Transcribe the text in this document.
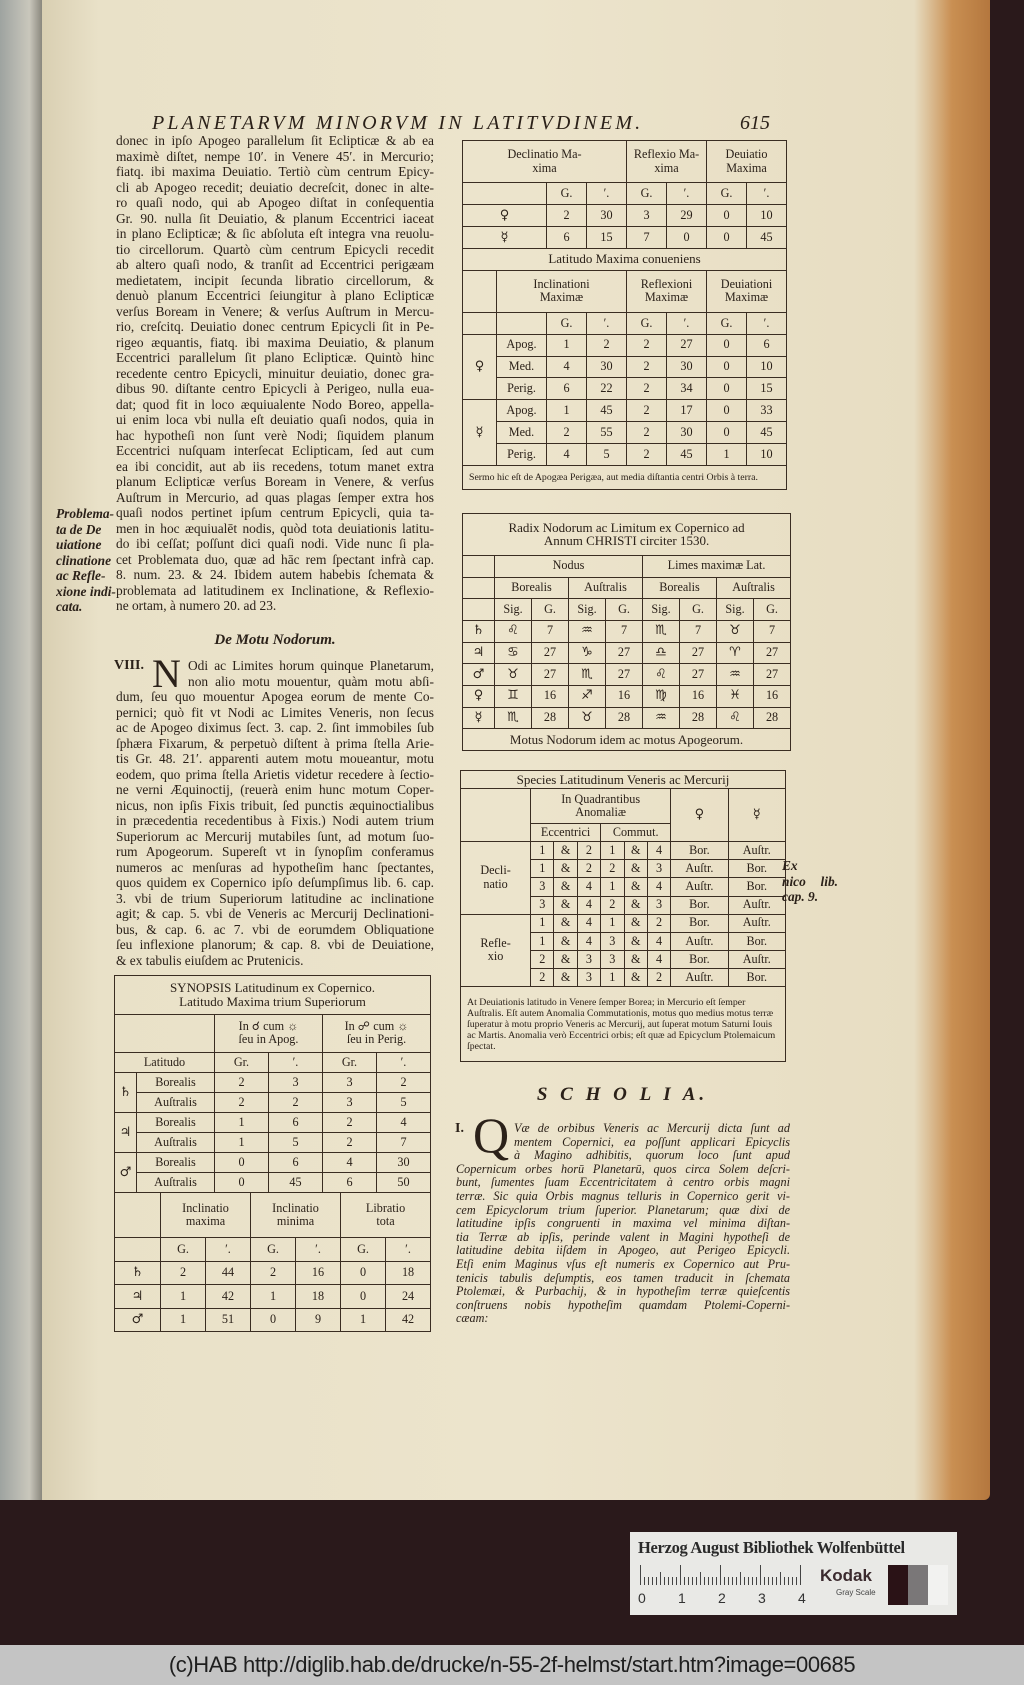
PLANETARVM MINORVM IN LATITVDINEM.	615
donec in ipſo Apogeo parallelum ſit Eclipticæ & ab ea
maximè diſtet, nempe 10′. in Venere 45′. in Mercurio;
fiatq. ibi maxima Deuiatio. Tertiò cùm centrum Epicy-
cli ab Apogeo recedit; deuiatio decreſcit, donec in alte-
ro quaſi nodo, qui ab Apogeo diſtat in conſequentia
Gr. 90. nulla ſit Deuiatio, & planum Eccentrici iaceat
in plano Eclipticæ; & ſic abſoluta eſt integra vna reuolu-
tio circellorum. Quartò cùm centrum Epicycli recedit
ab altero quaſi nodo, & tranſit ad Eccentrici perigæam
medietatem, incipit ſecunda libratio circellorum, &
denuò planum Eccentrici ſeiungitur à plano Eclipticæ
verſus Boream in Venere; & verſus Auſtrum in Mercu-
rio, creſcitq. Deuiatio donec centrum Epicycli ſit in Pe-
rigeo æquantis, fiatq. ibi maxima Deuiatio, & planum
Eccentrici parallelum ſit plano Eclipticæ. Quintò hinc
recedente centro Epicycli, minuitur deuiatio, donec gra-
dibus 90. diſtante centro Epicycli à Perigeo, nulla eua-
dat; quod fit in loco æquiualente Nodo Boreo, appella-
ui enim loca vbi nulla eſt deuiatio quaſi nodos, quia in
hac hypotheſi non ſunt verè Nodi; ſiquidem planum
Eccentrici nuſquam interſecat Eclipticam, ſed aut cum
ea ibi concidit, aut ab iis recedens, totum manet extra
planum Eclipticæ verſus Boream in Venere, & verſus
Auſtrum in Mercurio, ad quas plagas ſemper extra hos
quaſi nodos pertinet ipſum centrum Epicycli, quia ta-
men in hoc æquiualēt nodis, quòd tota deuiationis latitu-
do ibi ceſſat; poſſunt dici quaſi nodi. Vide nunc ſi pla-
cet Problemata duo, quæ ad hāc rem ſpectant infrà cap.
8. num. 23. & 24. Ibidem autem habebis ſchemata &
problemata ad latitudinem ex Inclinatione, & Reflexio-
ne ortam, à numero 20. ad 23.
Problema-
ta de De
uiatione
clinatione
ac Refle-
xione indi-
cata.
De Motu Nodorum.
VIII. N Odi ac Limites horum quinque Planetarum,
non alio motu mouentur, quàm motu abſi-
dum, ſeu quo mouentur Apogea eorum de mente Co-
pernici; quò fit vt Nodi ac Limites Veneris, non ſecus
ac de Apogeo diximus ſect. 3. cap. 2. ſint immobiles ſub
ſphæra Fixarum, & perpetuò diſtent à prima ſtella Arie-
tis Gr. 48. 21′. apparenti autem motu moueantur, motu
eodem, quo prima ſtella Arietis videtur recedere à ſectio-
ne verni Æquinoctij, (reuerà enim hunc motum Coper-
nicus, non ipſis Fixis tribuit, ſed punctis æquinoctialibus
in præcedentia recedentibus à Fixis.) Nodi autem trium
Superiorum ac Mercurij mutabiles ſunt, ad motum ſuo-
rum Apogeorum. Supereſt vt in ſynopſim conferamus
numeros ac menſuras ad hypotheſim hanc ſpectantes,
quos quidem ex Copernico ipſo deſumpſimus lib. 6. cap.
3. vbi de trium Superiorum latitudine ac inclinatione
agit; & cap. 5. vbi de Veneris ac Mercurij Declinationi-
bus, & cap. 6. ac 7. vbi de eorumdem Obliquatione
ſeu inflexione planorum; & cap. 8. vbi de Deuiatione,
& ex tabulis eiuſdem ac Prutenicis.
SYNOPSIS Latitudinum ex Copernico.
Latitudo Maxima trium Superiorum					
		In ☌ cum ☼
ſeu in Apog.		In ☍ cum ☼
ſeu in Perig.	
Latitudo		Gr.	′.	Gr.	′.
♄	Borealis	2	3	3	2
	Auſtralis	2	2	3	5
♃	Borealis	1	6	2	4
	Auſtralis	1	5	2	7
♂	Borealis	0	6	4	30
	Auſtralis	0	45	6	50
	Inclinatio
maxima		Inclinatio
minima		Libratio
tota	
	G.	′.	G.	′.	G.	′.
♄	2	44	2	16	0	18
♃	1	42	1	18	0	24
♂	1	51	0	9	1	42
Declinatio Ma-
xima				Reflexio Ma-
xima		Deuiatio
Maxima	
		G.	′.	G.	′.	G.	′.
♀		2	30	3	29	0	10
☿		6	15	7	0	0	45
Latitudo Maxima conueniens							
	Inclinationi
Maximæ			Reflexioni
Maximæ		Deuiationi
Maximæ	
		G.	′.	G.	′.	G.	′.
♀	Apog.	1	2	2	27	0	6
	Med.	4	30	2	30	0	10
	Perig.	6	22	2	34	0	15
☿	Apog.	1	45	2	17	0	33
	Med.	2	55	2	30	0	45
	Perig.	4	5	2	45	1	10
Sermo hic eſt de Apogæa Perigæa, aut media diſtantia centri Orbis à terra.							
Radix Nodorum ac Limitum ex Copernico ad
Annum CHRISTI circiter 1530.								
	Nodus				Limes maximæ Lat.			
	Borealis		Auſtralis		Borealis		Auſtralis	
	Sig.	G.	Sig.	G.	Sig.	G.	Sig.	G.
♄	♌	7	♒	7	♏	7	♉	7
♃	♋	27	♑	27	♎	27	♈	27
♂	♉	27	♏	27	♌	27	♒	27
♀	♊	16	♐	16	♍	16	♓	16
☿	♏	28	♉	28	♒	28	♌	28
Motus Nodorum idem ac motus Apogeorum.								
Species Latitudinum Veneris ac Mercurij								
	In Quadrantibus
Anomaliæ						♀	☿
	Eccentrici			Commut.				
Decli-
natio	1	&	2	1	&	4	Bor.	Auſtr.
	1	&	2	2	&	3	Auſtr.	Bor.
	3	&	4	1	&	4	Auſtr.	Bor.
	3	&	4	2	&	3	Bor.	Auſtr.
Refle-
xio	1	&	4	1	&	2	Bor.	Auſtr.
	1	&	4	3	&	4	Auſtr.	Bor.
	2	&	3	3	&	4	Bor.	Auſtr.
	2	&	3	1	&	2	Auſtr.	Bor.
At Deuiationis latitudo in Venere ſemper Borea; in Mercurio eſt ſemper Auſtralis. Eſt autem Anomalia Commutationis, motus quo medius motus terræ ſuperatur à motu proprio Veneris ac Mercurij, aut ſuperat motum Saturni Iouis ac Martis. Anomalia verò Eccentrici orbis; eſt quæ ad Epicyclum Ptolemaicum ſpectat.								
Ex
nico lib.
cap. 9.
S C H O L I A.
I. Q Væ de orbibus Veneris ac Mercurij dicta ſunt ad
mentem Copernici, ea poſſunt applicari Epicyclis
à Magino adhibitis, quorum loco ſunt apud
Copernicum orbes horū Planetarū, quos circa Solem deſcri-
bunt, ſumentes ſuam Eccentricitatem à centro orbis magni
terræ. Sic quia Orbis magnus telluris in Copernico gerit vi-
cem Epicyclorum trium ſuperior. Planetarum; quæ dixi de
latitudine ipſis congruenti in maxima vel minima diſtan-
tia Terræ ab ipſis, perinde valent in Magini hypotheſi de
latitudine debita iiſdem in Apogeo, aut Perigeo Epicycli.
Etſi enim Maginus vſus eſt numeris ex Copernico aut Pru-
tenicis tabulis deſumptis, eos tamen traducit in ſchemata
Ptolemæi, & Purbachij, & in hypotheſim terræ quieſcentis
conſtruens nobis hypotheſim quamdam Ptolemi-Coperni-
cæam:
Herzog August Bibliothek Wolfenbüttel
0 1 2 3 4
Kodak
Gray Scale
(c)HAB http://diglib.hab.de/drucke/n-55-2f-helmst/start.htm?image=00685
